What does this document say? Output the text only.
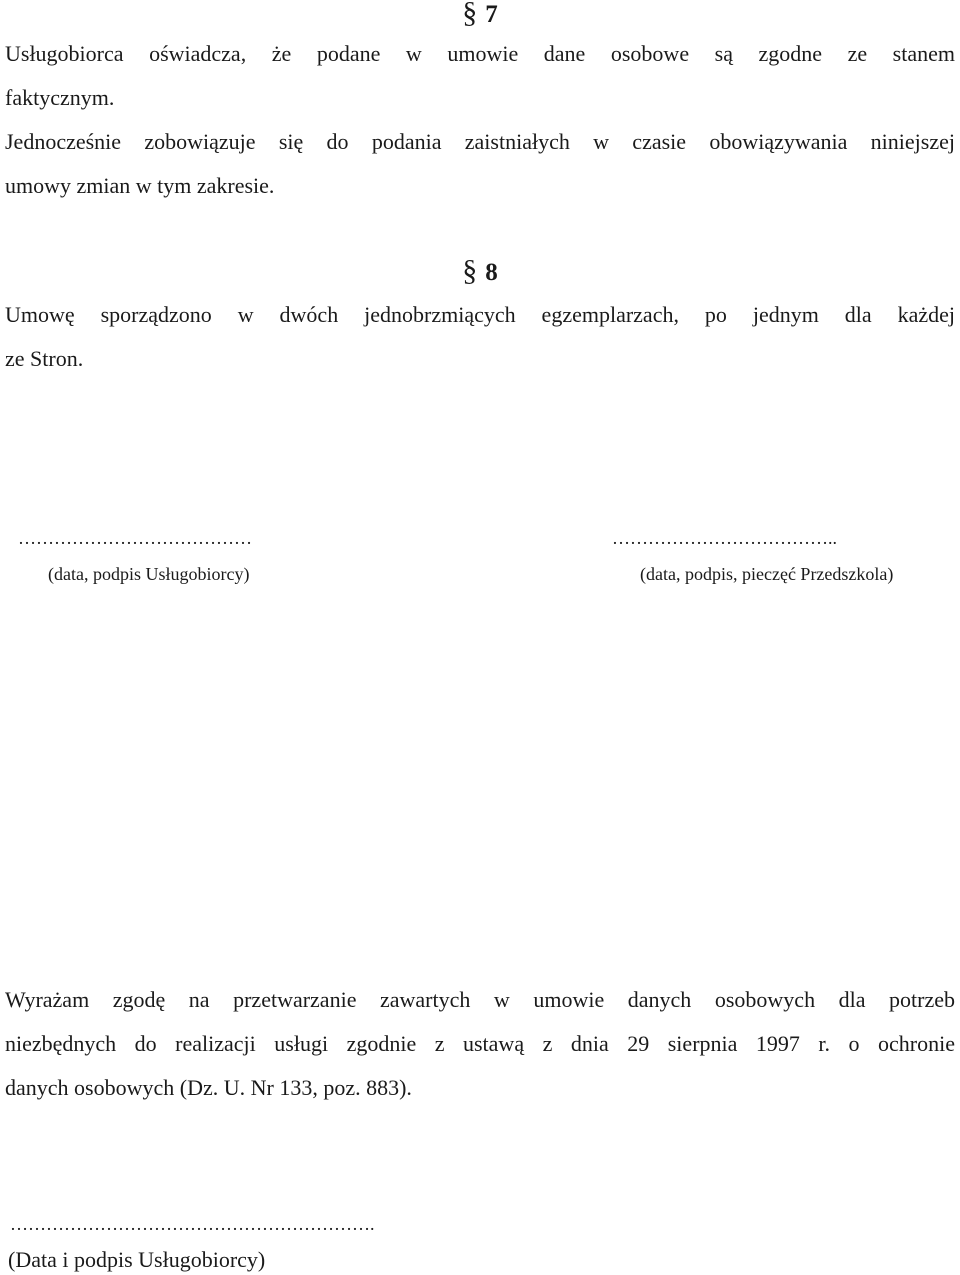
§ 7
Usługobiorca oświadcza, że podane w umowie dane osobowe są zgodne ze stanem
faktycznym.
Jednocześnie zobowiązuje się do podania zaistniałych w czasie obowiązywania niniejszej
umowy zmian w tym zakresie.
§ 8
Umowę sporządzono w dwóch jednobrzmiących egzemplarzach, po jednym dla każdej
ze Stron.
…………………………………
(data, podpis Usługobiorcy)
………………………………..
(data, podpis, pieczęć Przedszkola)
Wyrażam zgodę na przetwarzanie zawartych w umowie danych osobowych dla potrzeb
niezbędnych do realizacji usługi zgodnie z ustawą z dnia 29 sierpnia 1997 r. o ochronie
danych osobowych (Dz. U. Nr 133, poz. 883).
…………………………………………………….
(Data i podpis Usługobiorcy)
